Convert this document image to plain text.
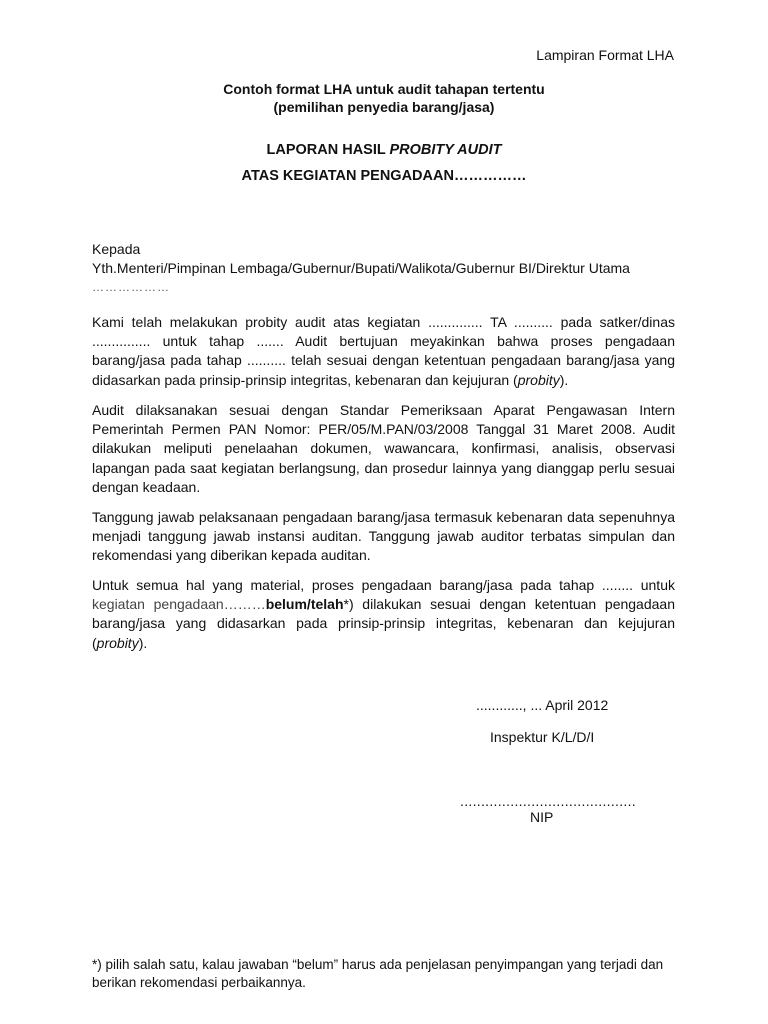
Lampiran Format LHA
Contoh format LHA untuk audit tahapan tertentu
(pemilihan penyedia barang/jasa)
LAPORAN HASIL PROBITY AUDIT
ATAS KEGIATAN PENGADAAN……………
Kepada
Yth.Menteri/Pimpinan Lembaga/Gubernur/Bupati/Walikota/Gubernur BI/Direktur Utama
………………
Kami telah melakukan probity audit atas kegiatan .............. TA .......... pada satker/dinas ............... untuk tahap ....... Audit bertujuan meyakinkan bahwa proses pengadaan barang/jasa pada tahap .......... telah sesuai dengan ketentuan pengadaan barang/jasa yang didasarkan pada prinsip-prinsip integritas, kebenaran dan kejujuran (probity).
Audit dilaksanakan sesuai dengan Standar Pemeriksaan Aparat Pengawasan Intern Pemerintah Permen PAN Nomor: PER/05/M.PAN/03/2008 Tanggal 31 Maret 2008. Audit dilakukan meliputi penelaahan dokumen, wawancara, konfirmasi, analisis, observasi lapangan pada saat kegiatan berlangsung, dan prosedur lainnya yang dianggap perlu sesuai dengan keadaan.
Tanggung jawab pelaksanaan pengadaan barang/jasa termasuk kebenaran data sepenuhnya menjadi tanggung jawab instansi auditan. Tanggung jawab auditor terbatas simpulan dan rekomendasi yang diberikan kepada auditan.
Untuk semua hal yang material, proses pengadaan barang/jasa pada tahap ........ untuk kegiatan pengadaan………belum/telah*) dilakukan sesuai dengan ketentuan pengadaan barang/jasa yang didasarkan pada prinsip-prinsip integritas, kebenaran dan kejujuran (probity).
............, ... April 2012
Inspektur K/L/D/I
..........................................
NIP
*) pilih salah satu, kalau jawaban “belum” harus ada penjelasan penyimpangan yang terjadi dan berikan rekomendasi perbaikannya.
